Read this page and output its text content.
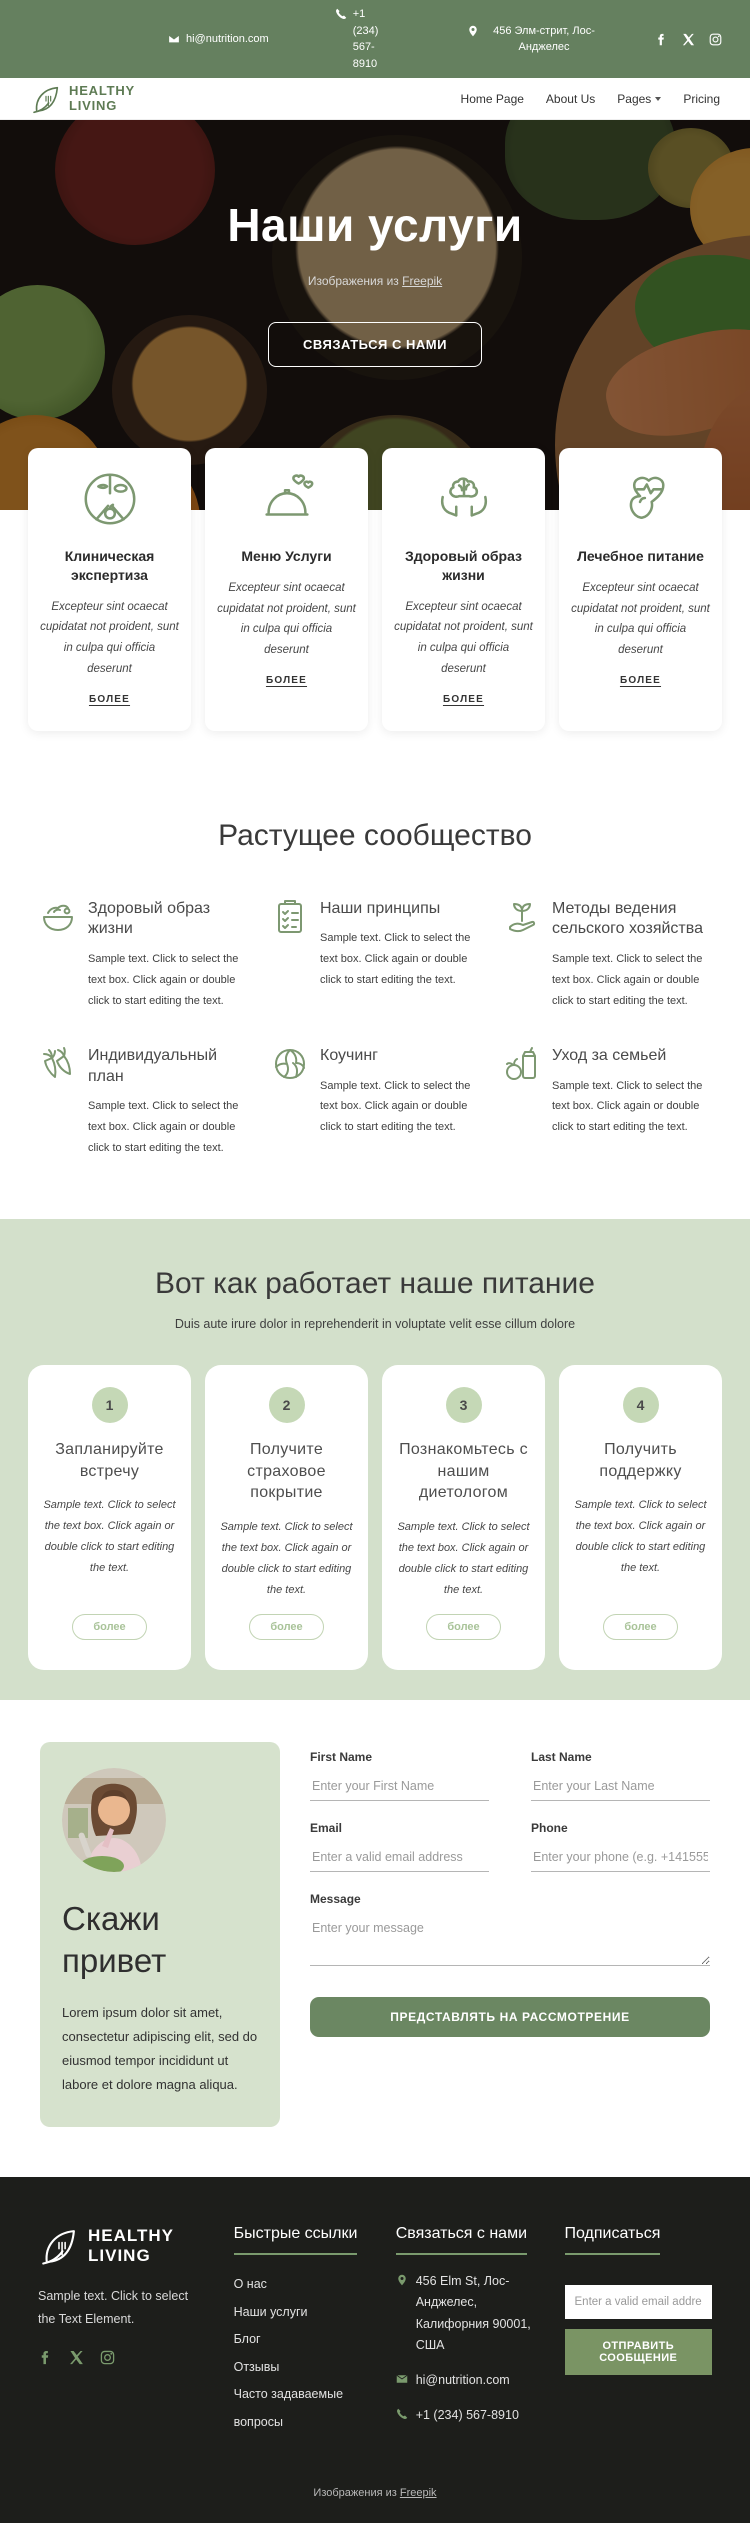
hi@nutrition.com
+1 (234) 567-8910
456 Элм-стрит, Лос-Анджелес
HEALTHY
LIVING	Home Page About Us Pages	Pricing
Наши услуги
Изображения из Freepik
СВЯЗАТЬСЯ С НАМИ
Клиническая экспертиза
Excepteur sint ocaecat cupidatat not proident, sunt in culpa qui officia deserunt
БОЛЕЕ
Меню Услуги
Excepteur sint ocaecat cupidatat not proident, sunt in culpa qui officia deserunt
БОЛЕЕ
Здоровый образ жизни
Excepteur sint ocaecat cupidatat not proident, sunt in culpa qui officia deserunt
БОЛЕЕ
Лечебное питание
Excepteur sint ocaecat cupidatat not proident, sunt in culpa qui officia deserunt
БОЛЕЕ
Растущее сообщество
Здоровый образ жизни
Sample text. Click to select the text box. Click again or double click to start editing the text.
Наши принципы
Sample text. Click to select the text box. Click again or double click to start editing the text.
Методы ведения сельского хозяйства
Sample text. Click to select the text box. Click again or double click to start editing the text.
Индивидуальный план
Sample text. Click to select the text box. Click again or double click to start editing the text.
Коучинг
Sample text. Click to select the text box. Click again or double click to start editing the text.
Уход за семьей
Sample text. Click to select the text box. Click again or double click to start editing the text.
Вот как работает наше питание
Duis aute irure dolor in reprehenderit in voluptate velit esse cillum dolore
1
Запланируйте встречу
Sample text. Click to select the text box. Click again or double click to start editing the text.
более
2
Получите страховое покрытие
Sample text. Click to select the text box. Click again or double click to start editing the text.
более
3
Познакомьтесь с нашим диетологом
Sample text. Click to select the text box. Click again or double click to start editing the text.
более
4
Получить поддержку
Sample text. Click to select the text box. Click again or double click to start editing the text.
более
Скажи привет
Lorem ipsum dolor sit amet, consectetur adipiscing elit, sed do eiusmod tempor incididunt ut labore et dolore magna aliqua.
First Name
Enter your First Name	Last Name
Enter your Last Name
Email
Enter a valid email address	Phone
Enter your phone (e.g. +14155552675)
Message
Enter your message
ПРЕДСТАВЛЯТЬ НА РАССМОТРЕНИЕ
HEALTHY
LIVING
Sample text. Click to select the Text Element.
Быстрые ссылки
О нас
Наши услуги
Блог
Отзывы
Часто задаваемые вопросы
Связаться с нами
456 Elm St, Лос-Анджелес, Калифорния 90001, США
hi@nutrition.com
+1 (234) 567-8910
Подписаться Enter a valid email address ОТПРАВИТЬ СООБЩЕНИЕ
Изображения из Freepik
